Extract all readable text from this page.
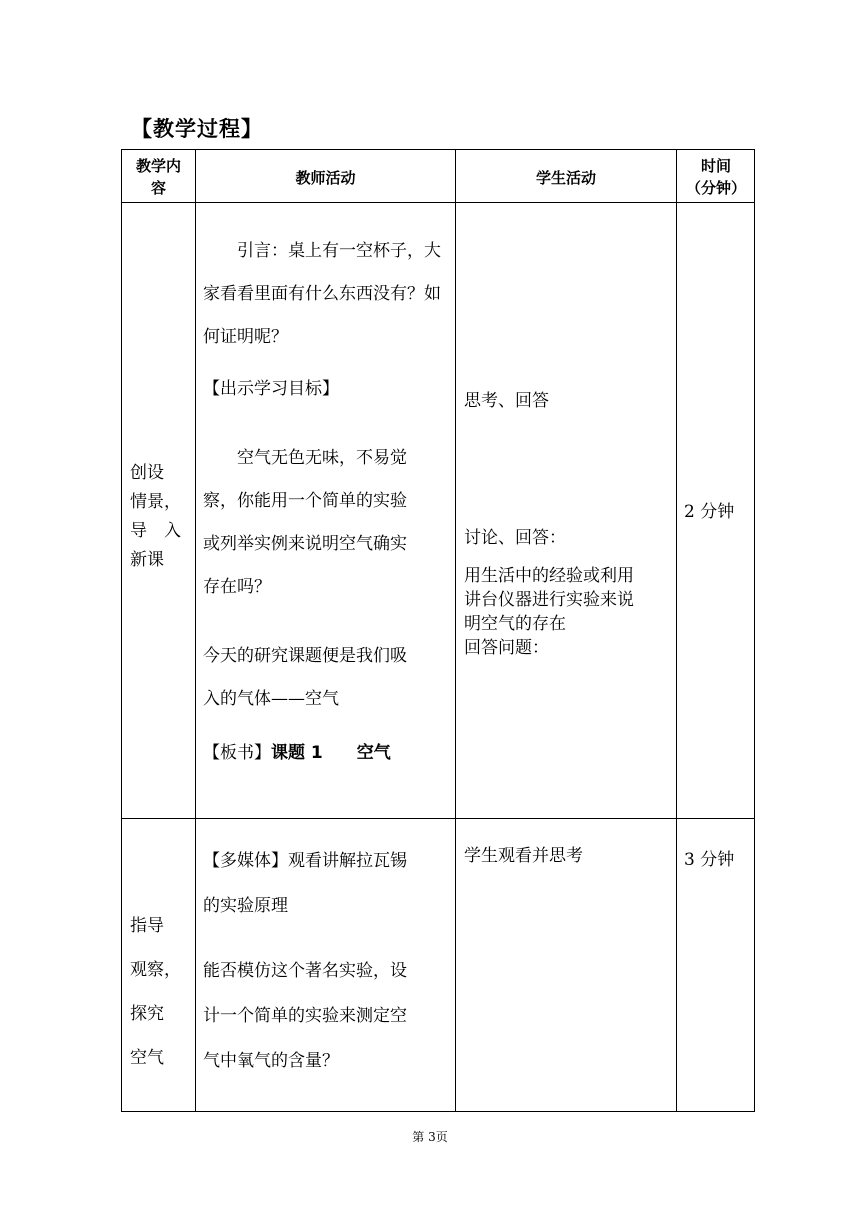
【教学过程】
教学内
容
教师活动	学生活动
时间
（分钟）
创设
情景，
导　入
新课
　　引言：桌上有一空杯子，大
家看看里面有什么东西没有？如
何证明呢？
【出示学习目标】
　　空气无色无味，不易觉
察，你能用一个简单的实验
或列举实例来说明空气确实
存在吗？
今天的研究课题便是我们吸
入的气体——空气
【板书】课题 1　　空气
思考、回答
讨论、回答：
用生活中的经验或利用
讲台仪器进行实验来说
明空气的存在
回答问题：
2 分钟
指导
观察，
探究
空气
【多媒体】观看讲解拉瓦锡
的实验原理
能否模仿这个著名实验，设
计一个简单的实验来测定空
气中氧气的含量？
学生观看并思考	3 分钟
第 3页
